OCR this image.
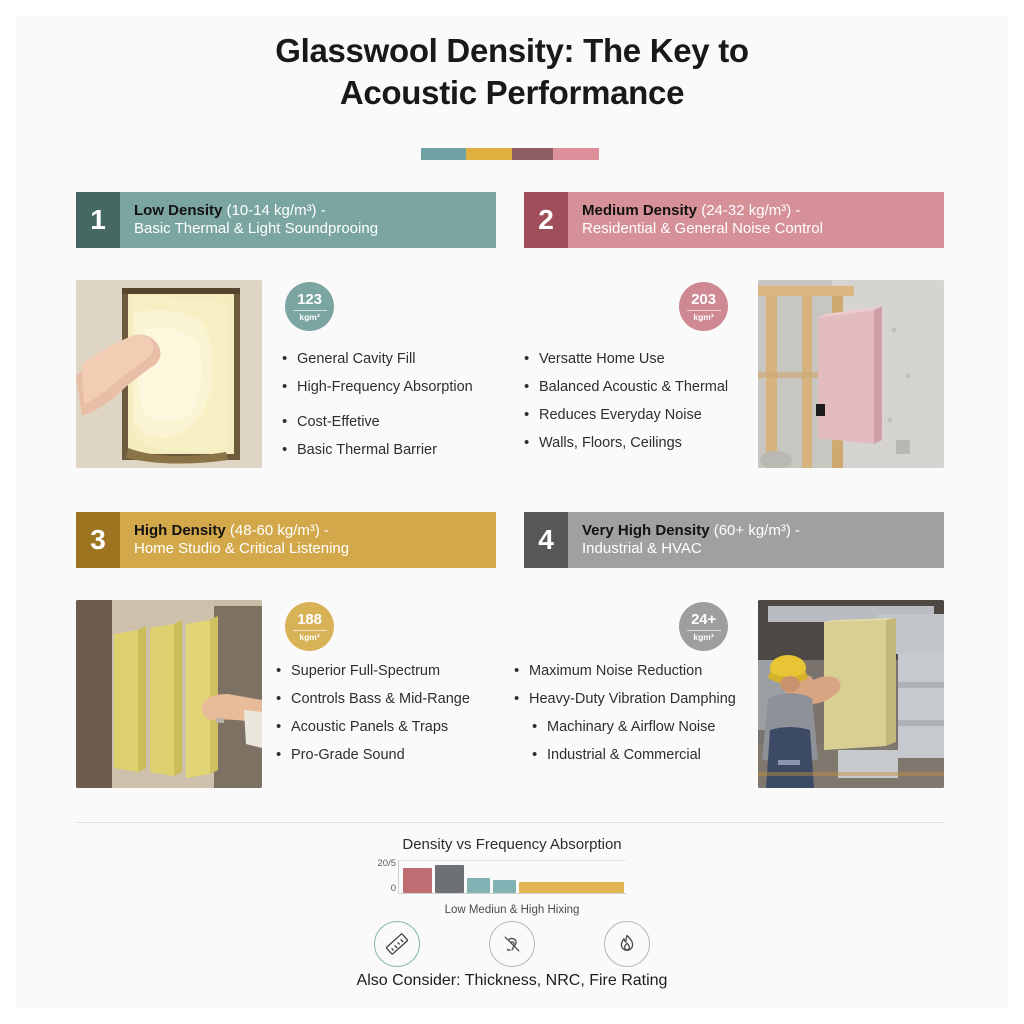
Glasswool Density: The Key to
Acoustic Performance
1	Low Density (10-14 kg/m³) -
Basic Thermal & Light Soundprooing
123
kgm³
• General Cavity Fill
• High-Frequency Absorption
• Cost-Effetive
• Basic Thermal Barrier
2	Medium Density (24-32 kg/m³) -
Residential & General Noise Control
203
kgm³
• Versatte Home Use
• Balanced Acoustic & Thermal
• Reduces Everyday Noise
• Walls, Floors, Ceilings
3	High Density (48-60 kg/m³) -
Home Studio & Critical Listening
188
kgm³
• Superior Full-Spectrum
• Controls Bass & Mid-Range
• Acoustic Panels & Traps
• Pro-Grade Sound
4	Very High Density (60+ kg/m³) -
Industrial & HVAC
24+
kgm³
• Maximum Noise Reduction
• Heavy-Duty Vibration Damphing
• Machinary & Airflow Noise
• Industrial & Commercial
Density vs Frequency Absorption
20/5
0
Low Mediun & High Hixing
Also Consider: Thickness, NRC, Fire Rating
